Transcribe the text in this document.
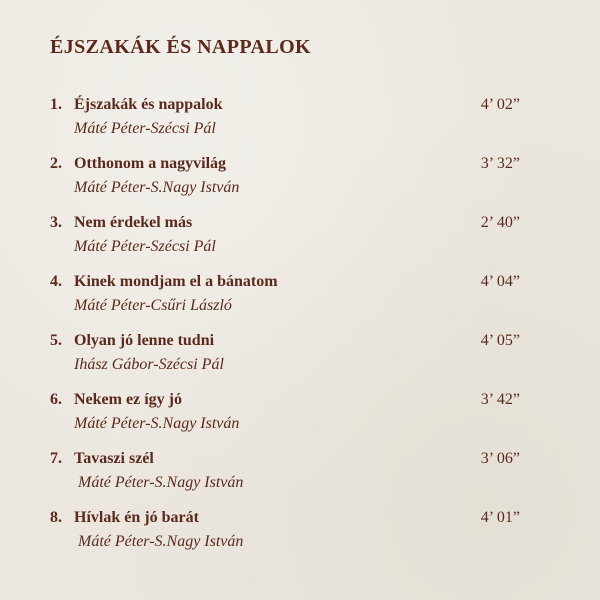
ÉJSZAKÁK ÉS NAPPALOK
1. Éjszakák és nappalok	4’ 02”
Máté Péter-Szécsi Pál
2. Otthonom a nagyvilág	3’ 32”
Máté Péter-S.Nagy István
3. Nem érdekel más	2’ 40”
Máté Péter-Szécsi Pál
4. Kinek mondjam el a bánatom	4’ 04”
Máté Péter-Csűri László
5. Olyan jó lenne tudni	4’ 05”
Ihász Gábor-Szécsi Pál
6. Nekem ez így jó	3’ 42”
Máté Péter-S.Nagy István
7. Tavaszi szél	3’ 06”
Máté Péter-S.Nagy István
8. Hívlak én jó barát	4’ 01”
Máté Péter-S.Nagy István
